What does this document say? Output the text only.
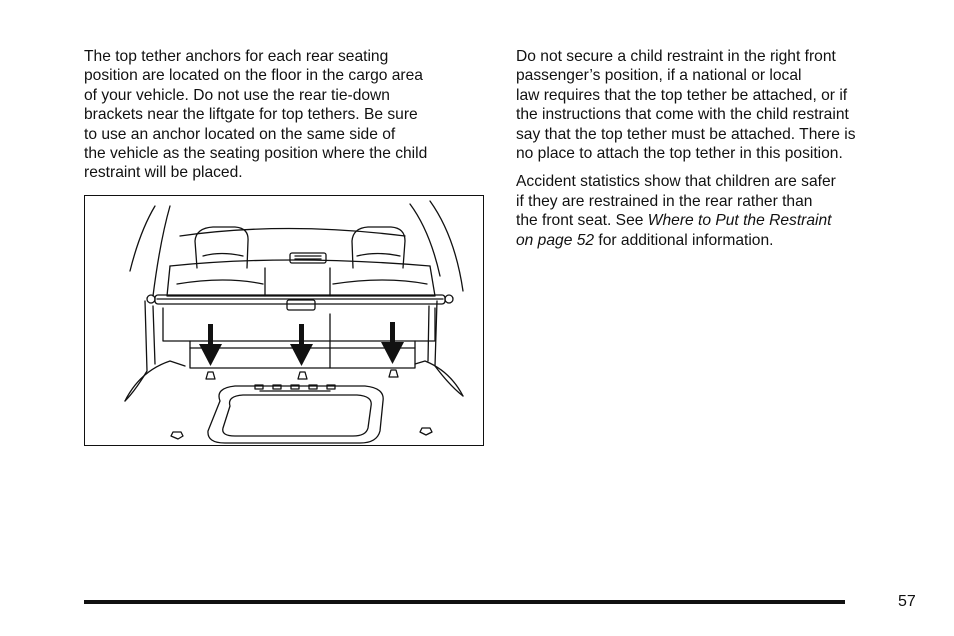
The top tether anchors for each rear seating
position are located on the floor in the cargo area
of your vehicle. Do not use the rear tie-down
brackets near the liftgate for top tethers. Be sure
to use an anchor located on the same side of
the vehicle as the seating position where the child
restraint will be placed.

Do not secure a child restraint in the right front
passenger’s position, if a national or local
law requires that the top tether be attached, or if
the instructions that come with the child restraint
say that the top tether must be attached. There is
no place to attach the top tether in this position.

Accident statistics show that children are safer
if they are restrained in the rear rather than
the front seat. See Where to Put the Restraint
on page 52 for additional information.

57
